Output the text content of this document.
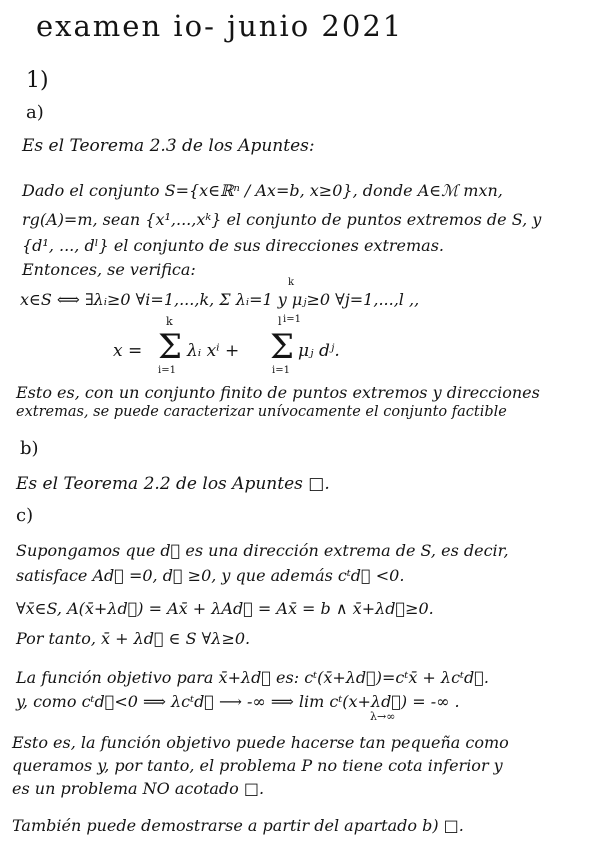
examen io- junio 2021
1)
a)
Es el Teorema 2.3 de los Apuntes:
Dado el conjunto S={x∈ℝⁿ / Ax=b, x≥0}, donde A∈ℳ mxn,
rg(A)=m, sean {x¹,...,xᵏ} el conjunto de puntos extremos de S, y
{d¹, ..., dˡ} el conjunto de sus direcciones extremas.
Entonces, se verifica:
x∈S ⟺ ∃λᵢ≥0 ∀i=1,...,k, Σ λᵢ=1 y μⱼ≥0 ∀j=1,...,l ,,
k
i=1
x =
k
Σ
i=1
λᵢ xⁱ +
l
Σ
i=1
μⱼ dʲ.
Esto es, con un conjunto finito de puntos extremos y direcciones
extremas, se puede caracterizar unívocamente el conjunto factible
b)
Es el Teorema 2.2 de los Apuntes □.
c)
Supongamos que d⃗ es una dirección extrema de S, es decir,
satisface Ad⃗ =0, d⃗ ≥0, y que además cᵗd⃗ <0.
∀x̄∈S, A(x̄+λd⃗) = Ax̄ + λAd⃗ = Ax̄ = b ∧ x̄+λd⃗≥0.
Por tanto, x̄ + λd⃗ ∈ S ∀λ≥0.
La función objetivo para x̄+λd⃗ es: cᵗ(x̄+λd⃗)=cᵗx̄ + λcᵗd⃗.
y, como cᵗd⃗<0 ⟹ λcᵗd⃗ ⟶ -∞ ⟹ lim cᵗ(x+λd⃗) = -∞ .
λ→∞
Esto es, la función objetivo puede hacerse tan pequeña como
queramos y, por tanto, el problema P no tiene cota inferior y
es un problema NO acotado □.
También puede demostrarse a partir del apartado b) □.
